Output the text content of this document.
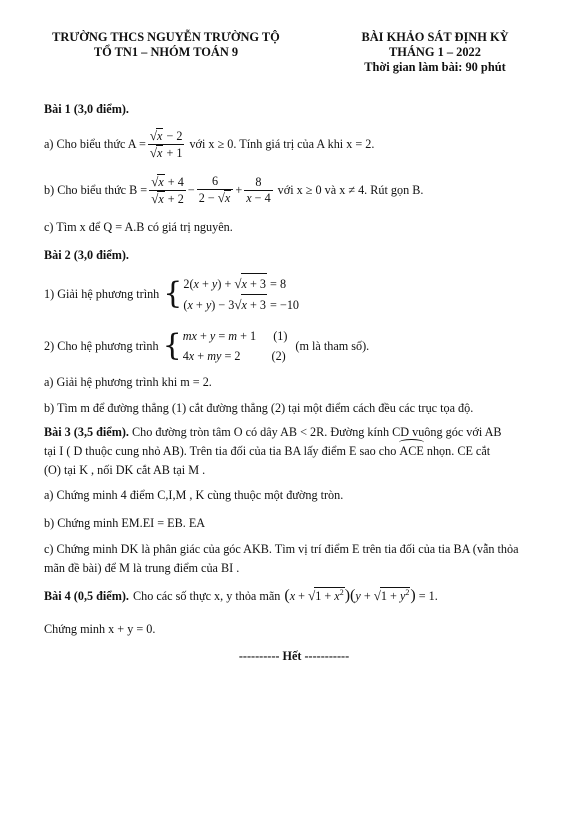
TRƯỜNG THCS NGUYỄN TRƯỜNG TỘ
TỔ TN1 – NHÓM TOÁN 9
BÀI KHẢO SÁT ĐỊNH KỲ
THÁNG 1 – 2022
Thời gian làm bài: 90 phút
Bài 1 (3,0 điểm).
a) Cho biểu thức $A = \frac{√x - 2}{√x + 1}$ với x ≥ 0. Tính giá trị của A khi x = 2.
b) Cho biểu thức $B = \frac{√x + 4}{√x + 2} - \frac{6}{2 - √x} + \frac{8}{x - 4}$ với x ≥ 0 và x ≠ 4. Rút gọn B.
c) Tìm x để Q = A.B có giá trị nguyên.
Bài 2 (3,0 điểm).
1) Giải hệ phương trình { 2(x + y) + √x + 3 = 8
(x + y) − 3√x + 3 = −10
2) Cho hệ phương trình { mx + y = m + 1 (1)
4x + my = 2 (2)
(m là tham số).
a) Giải hệ phương trình khi m = 2.
b) Tìm m để đường thẳng (1) cắt đường thẳng (2) tại một điểm cách đều các trục tọa độ.
Bài 3 (3,5 điểm). Cho đường tròn tâm O có dây AB < 2R. Đường kính CD vuông góc với AB
tại I ( D thuộc cung nhỏ AB). Trên tia đối của tia BA lấy điểm E sao cho ACE nhọn. CE cắt
(O) tại K , nối DK cắt AB tại M .
a) Chứng minh 4 điểm C,I,M , K cùng thuộc một đường tròn.
b) Chứng minh EM.EI = EB. EA
c) Chứng minh DK là phân giác của góc AKB. Tìm vị trí điểm E trên tia đối của tia BA (vẫn thỏa
mãn đề bài) để M là trung điểm của BI .
Bài 4 (0,5 điểm). Cho các số thực x, y thỏa mãn $(x + √1 + x^2)(y + √1 + y^2) = 1$.
Chứng minh x + y = 0.
---------- Hết -----------
